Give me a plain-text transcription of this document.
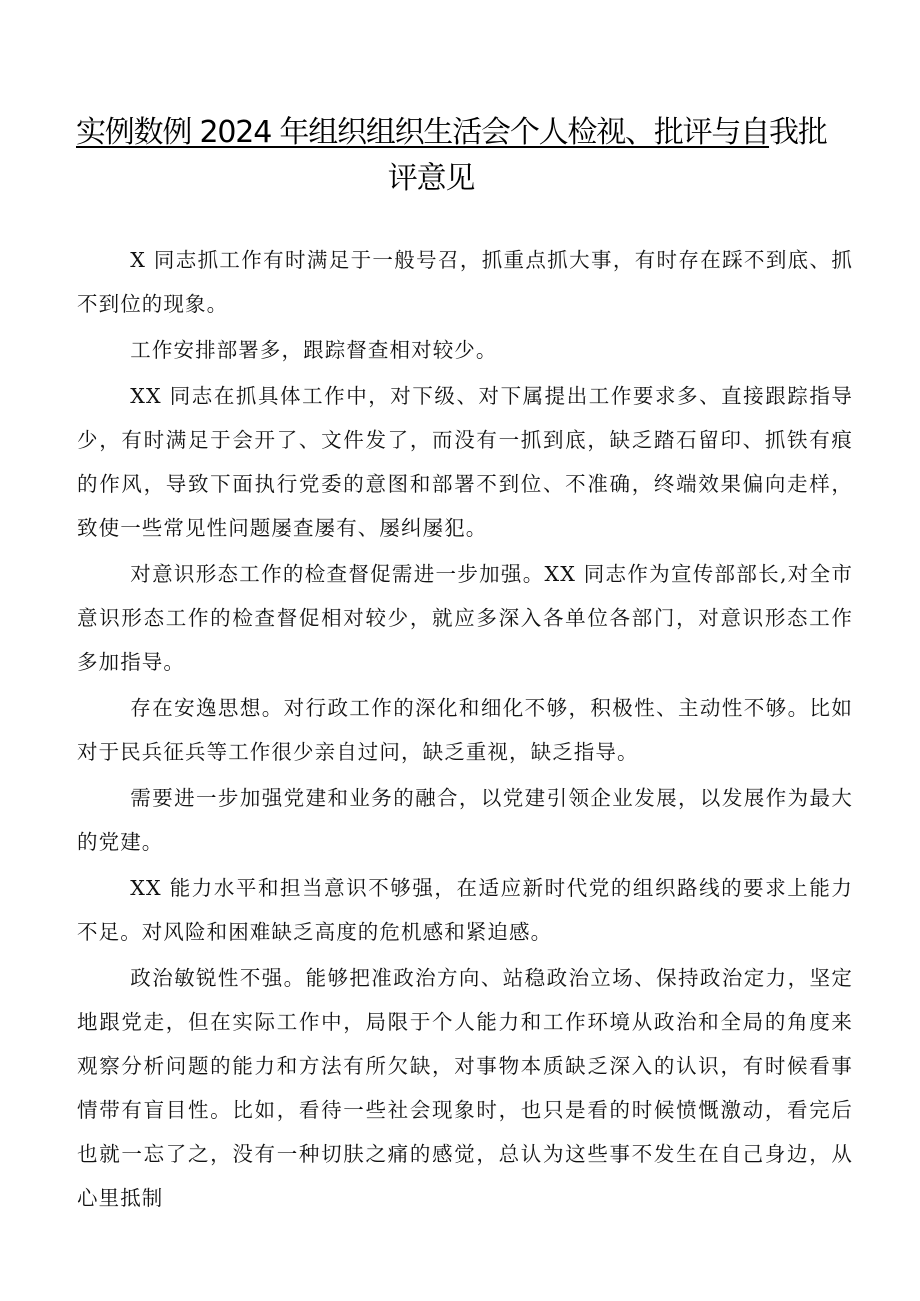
实例数例 2024 年组织组织生活会个人检视、批评与自我批
评意见

X 同志抓工作有时满足于一般号召，抓重点抓大事，有时存在踩不到底、抓不到位的现象。

工作安排部署多，跟踪督查相对较少。

XX 同志在抓具体工作中，对下级、对下属提出工作要求多、直接跟踪指导少，有时满足于会开了、文件发了，而没有一抓到底，缺乏踏石留印、抓铁有痕的作风，导致下面执行党委的意图和部署不到位、不准确，终端效果偏向走样，致使一些常见性问题屡查屡有、屡纠屡犯。

对意识形态工作的检查督促需进一步加强。XX 同志作为宣传部部长,对全市意识形态工作的检查督促相对较少，就应多深入各单位各部门，对意识形态工作多加指导。

存在安逸思想。对行政工作的深化和细化不够，积极性、主动性不够。比如对于民兵征兵等工作很少亲自过问，缺乏重视，缺乏指导。

需要进一步加强党建和业务的融合，以党建引领企业发展，以发展作为最大的党建。

XX 能力水平和担当意识不够强，在适应新时代党的组织路线的要求上能力不足。对风险和困难缺乏高度的危机感和紧迫感。

政治敏锐性不强。能够把准政治方向、站稳政治立场、保持政治定力，坚定地跟党走，但在实际工作中，局限于个人能力和工作环境从政治和全局的角度来观察分析问题的能力和方法有所欠缺，对事物本质缺乏深入的认识，有时候看事情带有盲目性。比如，看待一些社会现象时，也只是看的时候愤慨激动，看完后也就一忘了之，没有一种切肤之痛的感觉，总认为这些事不发生在自己身边，从心里抵制
